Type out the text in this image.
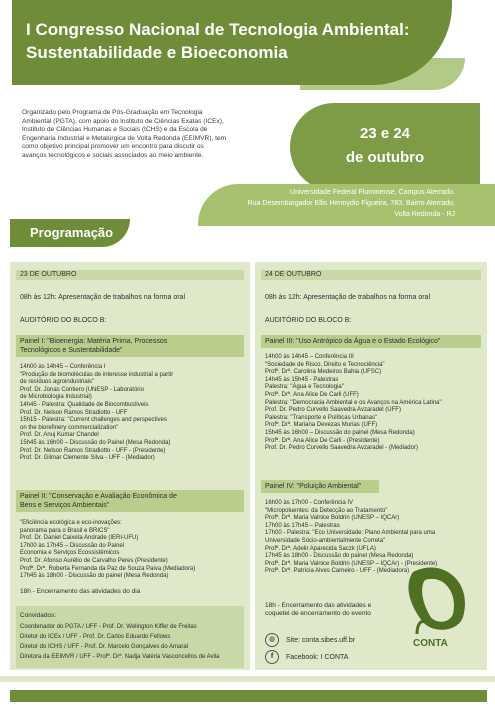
I Congresso Nacional de Tecnologia Ambiental:
Sustentabilidade e Bioeconomia
Organizado pelo Programa de Pós-Graduação em Tecnologia
Ambiental (PGTA), com apoio do Instituto de Ciências Exatas (ICEx),
Instituto de Ciências Humanas e Sociais (ICHS) e da Escola de
Engenharia Industrial e Metalúrgica de Volta Redonda (EEIMVR), tem
como objetivo principal promover um encontro para discutir os
avanços tecnológicos e sociais associados ao meio ambiente.
23 e 24
de outubro
Universidade Federal Fluminense, Campus Aterrado.
Rua Desembargador Ellis Hermydio Figueira, 783, Bairro Aterrado,
Volta Redonda - RJ
Programação
23 DE OUTUBRO
08h às 12h: Apresentação de trabalhos na forma oral
AUDITÓRIO DO BLOCO B:
Painel I: "Bioenergia: Matéria Prima, Processos
Tecnológicos e Sustentabilidade"
14h00 às 14h45 – Conferência I
"Produção de biomoléculas de interesse industrial a partir
de resíduos agroindustriais"
Prof. Dr. Jonas Contiero (UNESP - Laboratório
de Microbiologia Industrial)
14h45 - Palestra: Qualidade de Biocombustíveis
Prof. Dr. Nelson Ramos Stradiotto - UFF
15h15 - Palestra: "Current challenges and perspectives
on the biorefinery commercialization"
Prof. Dr. Anuj Kumar Chandel
15h45 às 16h00 – Discussão do Painel (Mesa Redonda)
Prof. Dr. Nelson Ramos Stradiotto - UFF - (Presidente)
Prof. Dr. Gilmar Clemente Silva - UFF - (Mediador)
Painel II: "Conservação e Avaliação Econômica de
Bens e Serviços Ambientais"
"Eficiência ecológica e eco-inovações:
panorama para o Brasil e BRICS"
Prof. Dr. Daniel Caixeta Andrade (IERI-UFU)
17h00 às 17h45 – Discussão do Painel
Economia e Serviços Ecossistêmicos
Prof. Dr. Afonso Aurélio de Carvalho Peres (Presidente)
Profª. Drª. Roberta Fernanda da Paz de Souza Paiva (Mediadora)
17h45 às 18h00 - Discussão do painel (Mesa Redonda)
18h - Encerramento das atividades do dia
Convidados:
Coordenador do PGTA / UFF - Prof. Dr. Welington Kiffer de Freitas
Diretor do ICEx / UFF - Prof. Dr. Carlos Eduardo Fellows
Diretor do ICHS / UFF - Prof. Dr. Marcelo Gonçalves do Amaral
Diretora da EEIMVR / UFF - Profª. Drª. Nadja Valéria Vasconcellos de Avila
24 DE OUTUBRO
08h às 12h: Apresentação de trabalhos na forma oral
AUDITÓRIO DO BLOCO B:
Painel III: "Uso Antrópico da Água e o Estado Ecológico"
14h00 às 14h45 – Conferência III
"Sociedade de Risco, Direito e Tecnociência"
Profª. Drª. Carolina Medeiros Bahia (UFSC)
14h45 às 15h45 - Palestras
Palestra: "Água e Tecnologia"
Profª. Drª. Ana Alice De Carli (UFF)
Palestra: "Democracia Ambiental e os Avanços na América Latina"
Prof. Dr. Pedro Curvello Saavedra Avzaradel (UFF)
Palestra: "Transporte e Políticas Urbanas"
Profª. Drª. Mariana Devezas Murias (UFF)
15h45 às 16h00 – Discussão do painel (Mesa Redonda)
Profª. Drª. Ana Alice De Carli - (Presidente)
Prof. Dr. Pedro Curvello Saavedra Avzaradel - (Mediador)
Painel IV: "Poluição Ambiental"
16h00 às 17h00 - Conferência IV
"Micropoluentes: da Detecção ao Tratamento"
Profª. Drª. Maria Valnice Boldrin (UNESP – IQCAr)
17h00 às 17h45 – Palestras
17h00 - Palestra: "Eco Universidade: Plano Ambiental para uma
Universidade Sócio-ambientalmente Correta"
Profª. Drª. Adelir Aparecida Saczk (UFLA)
17h45 às 18h00 - Discussão do painel (Mesa Redonda)
Profª. Drª. Maria Valnice Boldrin (UNESP – IQCAr) - (Presidente)
Profª. Drª. Patrícia Alves Carneiro - UFF - (Mediadora)
18h - Encerramento das atividades e
coquetel de encerramento do evento
◍ Site: conta.sibes.uff.br
f Facebook: I CONTA
CONTA
